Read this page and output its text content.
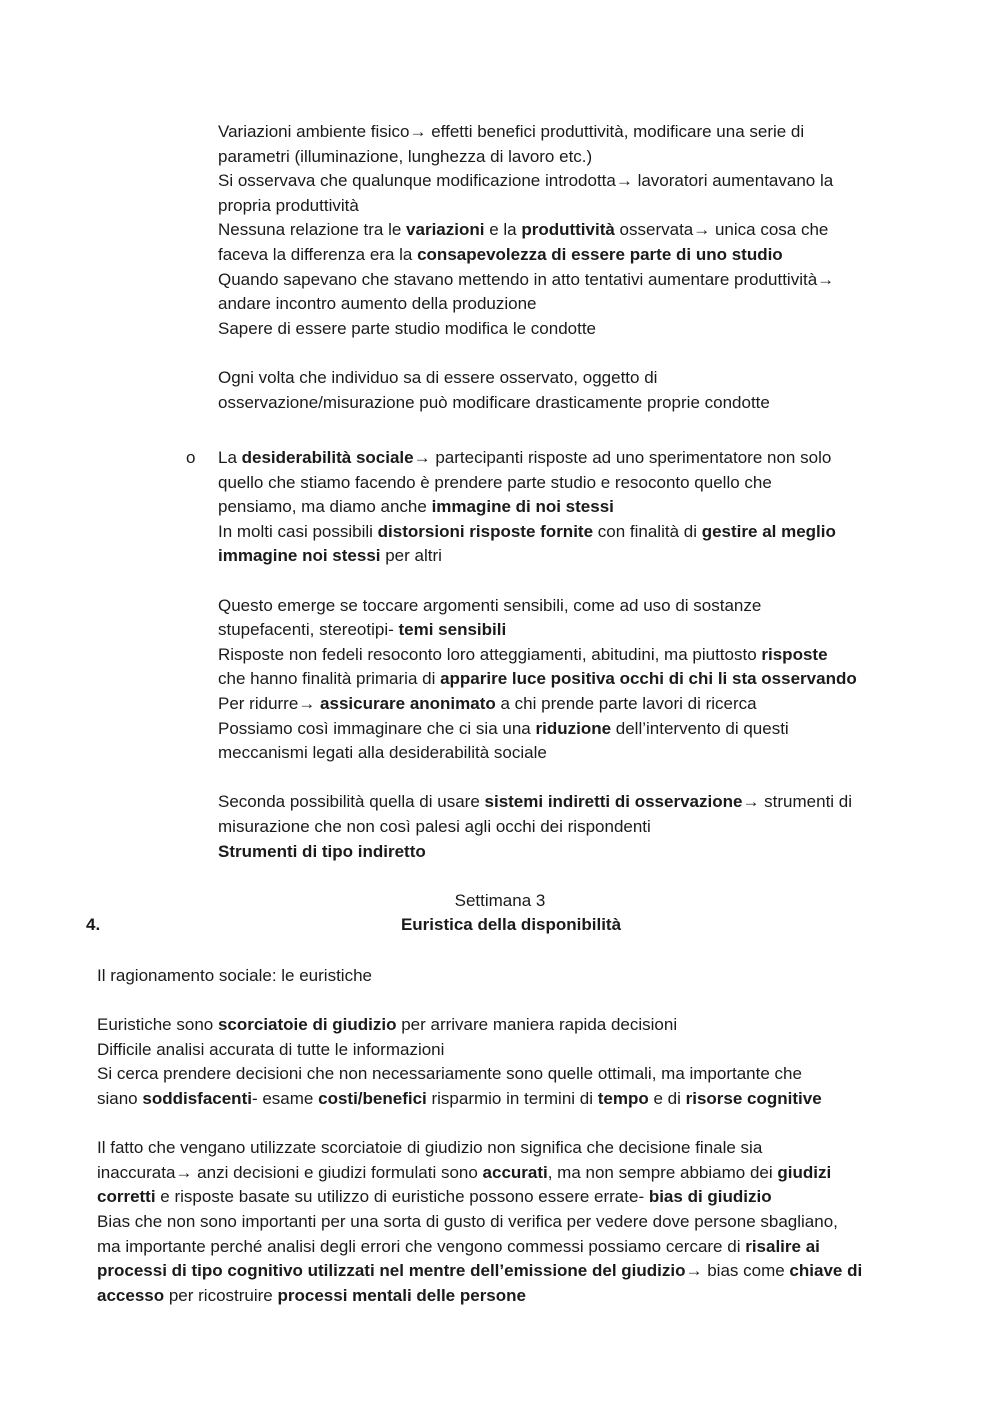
Variazioni ambiente fisico→ effetti benefici produttività, modificare una serie di
parametri (illuminazione, lunghezza di lavoro etc.)
Si osservava che qualunque modificazione introdotta→ lavoratori aumentavano la
propria produttività
Nessuna relazione tra le variazioni e la produttività osservata→ unica cosa che
faceva la differenza era la consapevolezza di essere parte di uno studio
Quando sapevano che stavano mettendo in atto tentativi aumentare produttività→
andare incontro aumento della produzione
Sapere di essere parte studio modifica le condotte
Ogni volta che individuo sa di essere osservato, oggetto di
osservazione/misurazione può modificare drasticamente proprie condotte
o La desiderabilità sociale→ partecipanti risposte ad uno sperimentatore non solo
quello che stiamo facendo è prendere parte studio e resoconto quello che
pensiamo, ma diamo anche immagine di noi stessi
In molti casi possibili distorsioni risposte fornite con finalità di gestire al meglio
immagine noi stessi per altri
Questo emerge se toccare argomenti sensibili, come ad uso di sostanze
stupefacenti, stereotipi- temi sensibili
Risposte non fedeli resoconto loro atteggiamenti, abitudini, ma piuttosto risposte
che hanno finalità primaria di apparire luce positiva occhi di chi li sta osservando
Per ridurre→ assicurare anonimato a chi prende parte lavori di ricerca
Possiamo così immaginare che ci sia una riduzione dell’intervento di questi
meccanismi legati alla desiderabilità sociale
Seconda possibilità quella di usare sistemi indiretti di osservazione→ strumenti di
misurazione che non così palesi agli occhi dei rispondenti
Strumenti di tipo indiretto
Settimana 3
4.	Euristica della disponibilità
Il ragionamento sociale: le euristiche
Euristiche sono scorciatoie di giudizio per arrivare maniera rapida decisioni
Difficile analisi accurata di tutte le informazioni
Si cerca prendere decisioni che non necessariamente sono quelle ottimali, ma importante che
siano soddisfacenti- esame costi/benefici risparmio in termini di tempo e di risorse cognitive
Il fatto che vengano utilizzate scorciatoie di giudizio non significa che decisione finale sia
inaccurata→ anzi decisioni e giudizi formulati sono accurati, ma non sempre abbiamo dei giudizi
corretti e risposte basate su utilizzo di euristiche possono essere errate- bias di giudizio
Bias che non sono importanti per una sorta di gusto di verifica per vedere dove persone sbagliano,
ma importante perché analisi degli errori che vengono commessi possiamo cercare di risalire ai
processi di tipo cognitivo utilizzati nel mentre dell’emissione del giudizio→ bias come chiave di
accesso per ricostruire processi mentali delle persone
